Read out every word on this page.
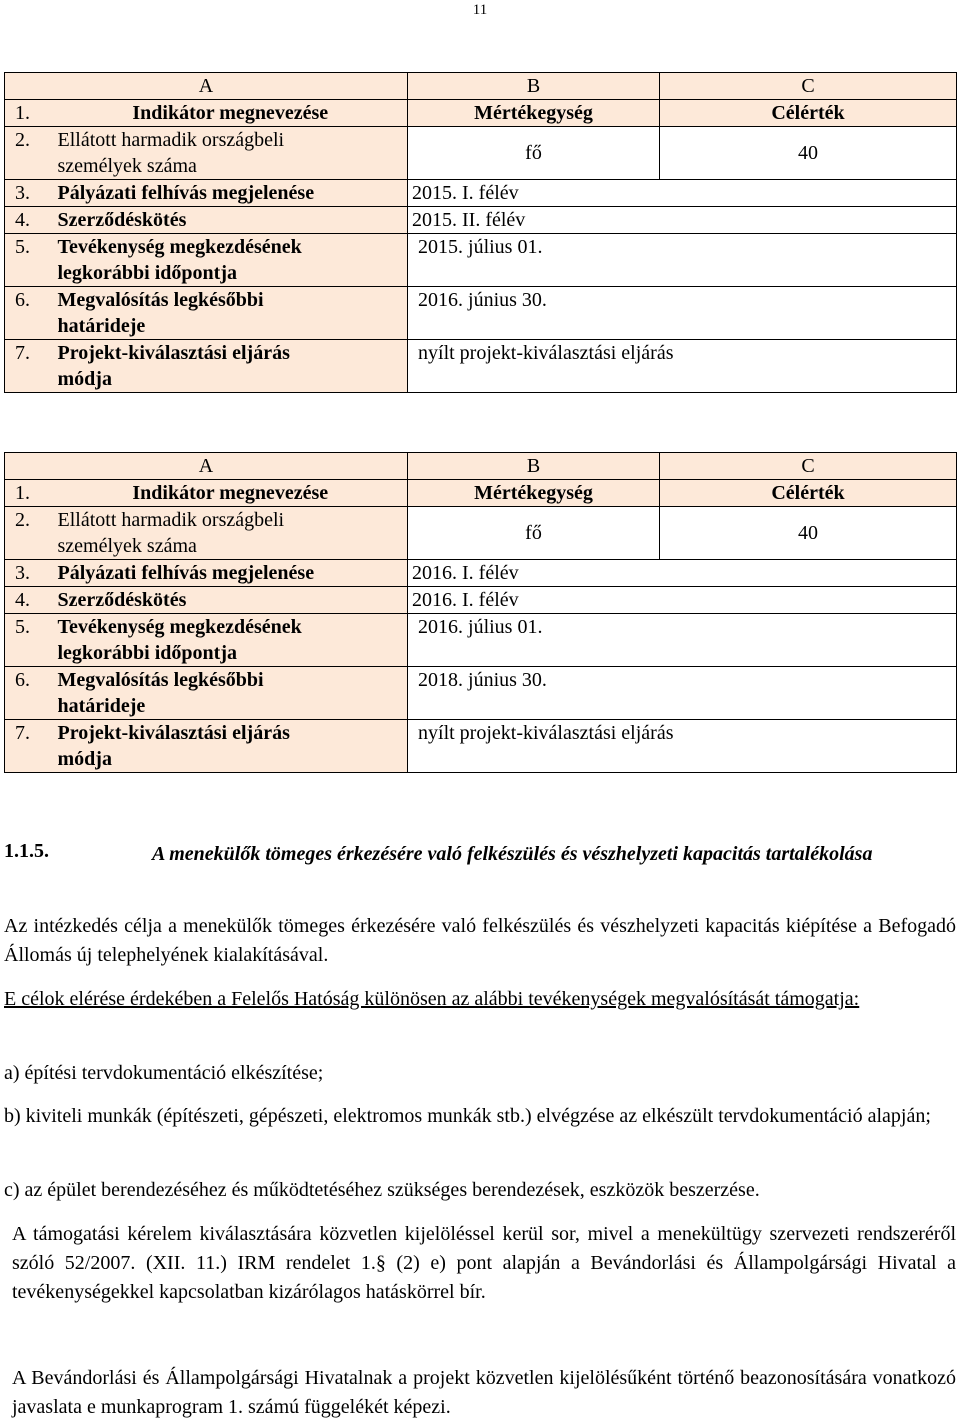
11
A		B	C
1.	Indikátor megnevezése	Mértékegység	Célérték
2.	Ellátott harmadik országbeli
személyek száma	fő	40
3.	Pályázati felhívás megjelenése	2015. I. félév	
4.	Szerződéskötés	2015. II. félév	
5.	Tevékenység megkezdésének
legkorábbi időpontja	2015. július 01.	
6.	Megvalósítás legkésőbbi
határideje	2016. június 30.	
7.	Projekt-kiválasztási eljárás
módja	nyílt projekt-kiválasztási eljárás	
A		B	C
1.	Indikátor megnevezése	Mértékegység	Célérték
2.	Ellátott harmadik országbeli
személyek száma	fő	40
3.	Pályázati felhívás megjelenése	2016. I. félév	
4.	Szerződéskötés	2016. I. félév	
5.	Tevékenység megkezdésének
legkorábbi időpontja	2016. július 01.	
6.	Megvalósítás legkésőbbi
határideje	2018. június 30.	
7.	Projekt-kiválasztási eljárás
módja	nyílt projekt-kiválasztási eljárás	
1.1.5.	A menekülők tömeges érkezésére való felkészülés és vészhelyzeti kapacitás tartalékolása
Az intézkedés célja a menekülők tömeges érkezésére való felkészülés és vészhelyzeti kapacitás kiépítése a Befogadó Állomás új telephelyének kialakításával.
E célok elérése érdekében a Felelős Hatóság különösen az alábbi tevékenységek megvalósítását támogatja:
a) építési tervdokumentáció elkészítése;
b) kiviteli munkák (építészeti, gépészeti, elektromos munkák stb.) elvégzése az elkészült tervdokumentáció alapján;
c) az épület berendezéséhez és működtetéséhez szükséges berendezések, eszközök beszerzése.
A támogatási kérelem kiválasztására közvetlen kijelöléssel kerül sor, mivel a menekültügy szervezeti rendszeréről szóló 52/2007. (XII. 11.) IRM rendelet 1.§ (2) e) pont alapján a Bevándorlási és Állampolgársági Hivatal a tevékenységekkel kapcsolatban kizárólagos hatáskörrel bír.
A Bevándorlási és Állampolgársági Hivatalnak a projekt közvetlen kijelölésűként történő beazonosítására vonatkozó javaslata e munkaprogram 1. számú függelékét képezi.
